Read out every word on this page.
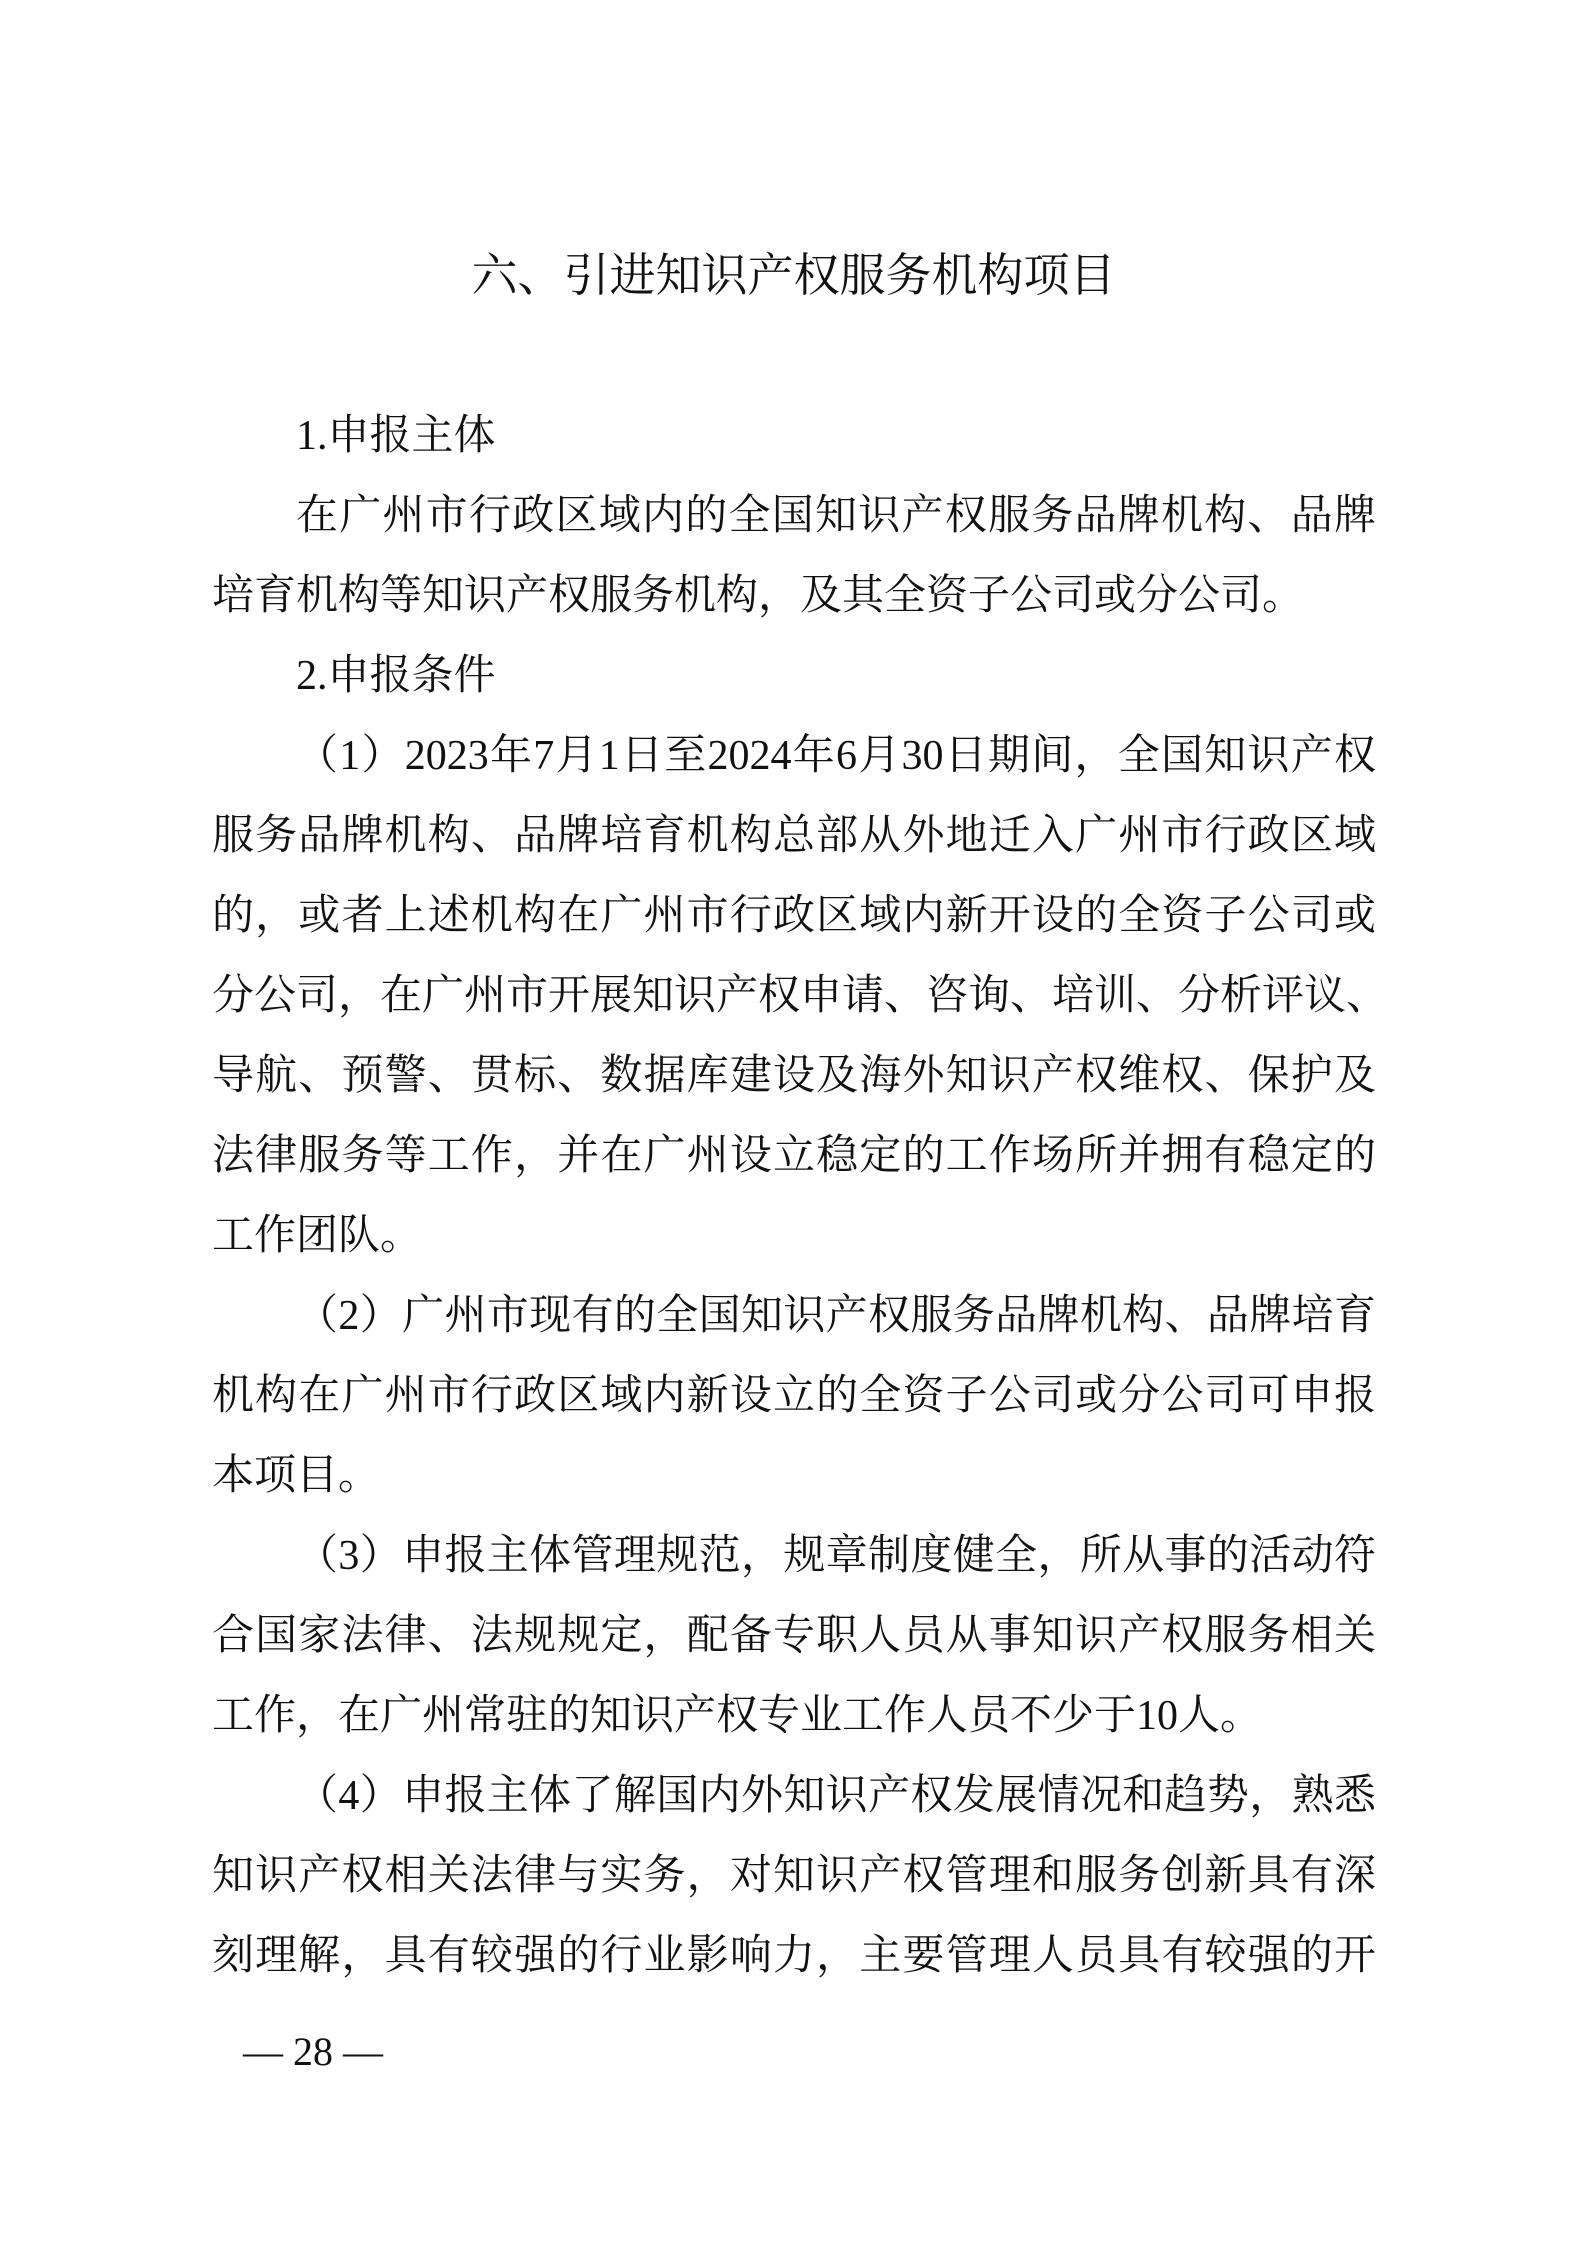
六、引进知识产权服务机构项目
1.申报主体
在广州市行政区域内的全国知识产权服务品牌机构、品牌
培育机构等知识产权服务机构，及其全资子公司或分公司。
2.申报条件
（1）2023年7月1日至2024年6月30日期间，全国知识产权
服务品牌机构、品牌培育机构总部从外地迁入广州市行政区域
的，或者上述机构在广州市行政区域内新开设的全资子公司或
分公司，在广州市开展知识产权申请、咨询、培训、分析评议、
导航、预警、贯标、数据库建设及海外知识产权维权、保护及
法律服务等工作，并在广州设立稳定的工作场所并拥有稳定的
工作团队。
（2）广州市现有的全国知识产权服务品牌机构、品牌培育
机构在广州市行政区域内新设立的全资子公司或分公司可申报
本项目。
（3）申报主体管理规范，规章制度健全，所从事的活动符
合国家法律、法规规定，配备专职人员从事知识产权服务相关
工作，在广州常驻的知识产权专业工作人员不少于10人。
（4）申报主体了解国内外知识产权发展情况和趋势，熟悉
知识产权相关法律与实务，对知识产权管理和服务创新具有深
刻理解，具有较强的行业影响力，主要管理人员具有较强的开
— 28 —
